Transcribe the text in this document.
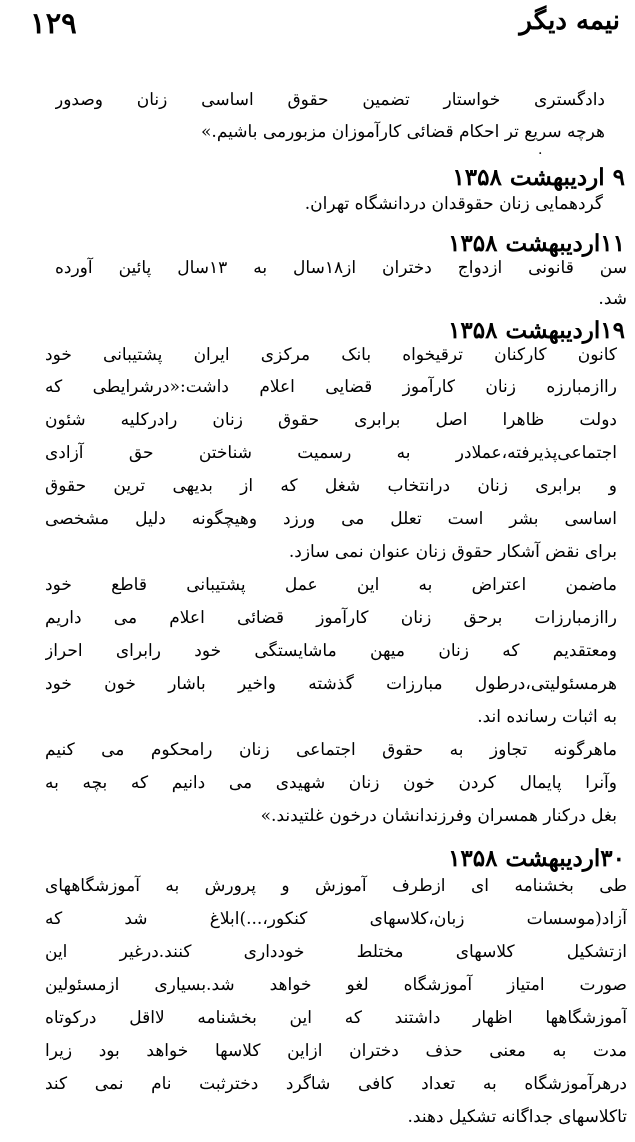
۱۲۹	نیمه دیگر
.
دادگستری خواستار تضمین حقوق اساسی زنان وصدور
هرچه سریع تر احکام قضائی کارآموزان مزبورمی باشیم.»
۹ اردیبهشت ۱۳۵۸
گردهمایی زنان حقوقدان دردانشگاه تهران.
۱۱اردیبهشت ۱۳۵۸
سن قانونی ازدواج دختران از۱۸سال به ۱۳سال پائین آورده
شد.
۱۹اردیبهشت ۱۳۵۸
کانون کارکنان ترقیخواه بانک مرکزی ایران پشتیبانی خود
رااز‌مبارزه زنان کارآموز قضایی اعلام داشت:«درشرایطی که
دولت ظاهرا اصل برابری حقوق زنان رادرکلیه شئون
اجتماعی‌پذیرفته،عملادر به رسمیت شناختن حق آزادی
و برابری زنان درانتخاب شغل که از بدیهی ترین حقوق
اساسی بشر است تعلل می ورزد وهیچگونه دلیل مشخصی
برای نقض آشکار حقوق زنان عنوان نمی سازد.
ماضمن اعتراض به این عمل پشتیبانی قاطع خود
رااز‌مبارزات برحق زنان کارآموز قضائی اعلام می داریم
ومعتقدیم که زنان میهن ماشایستگی خود رابرای احراز
هرمسئولیتی،درطول مبارزات گذشته واخیر باشار خون خود
به اثبات رسانده اند.
ماهرگونه تجاوز به حقوق اجتماعی زنان رامحکوم می کنیم
وآنرا پایمال کردن خون زنان شهیدی می دانیم که بچه به
بغل درکنار همسران وفرزندانشان درخون غلتیدند.»
۳۰اردیبهشت ۱۳۵۸
طی بخشنامه ای ازطرف آموزش و پرورش به آموزشگاههای
آزاد(موسسات زبان،کلاسهای کنکور،...)ابلاغ شد که
ازتشکیل کلاسهای مختلط خودداری کنند.درغیر این
صورت امتیاز آموزشگاه لغو خواهد شد.بسیاری ازمسئولین
آموزشگاهها اظهار داشتند که این بخشنامه لااقل درکوتاه
مدت به معنی حذف دختران ازاین کلاسها خواهد بود زیرا
درهرآموزشگاه به تعداد کافی شاگرد دخترثبت نام نمی کند
تاکلاسهای جداگانه تشکیل دهند.
